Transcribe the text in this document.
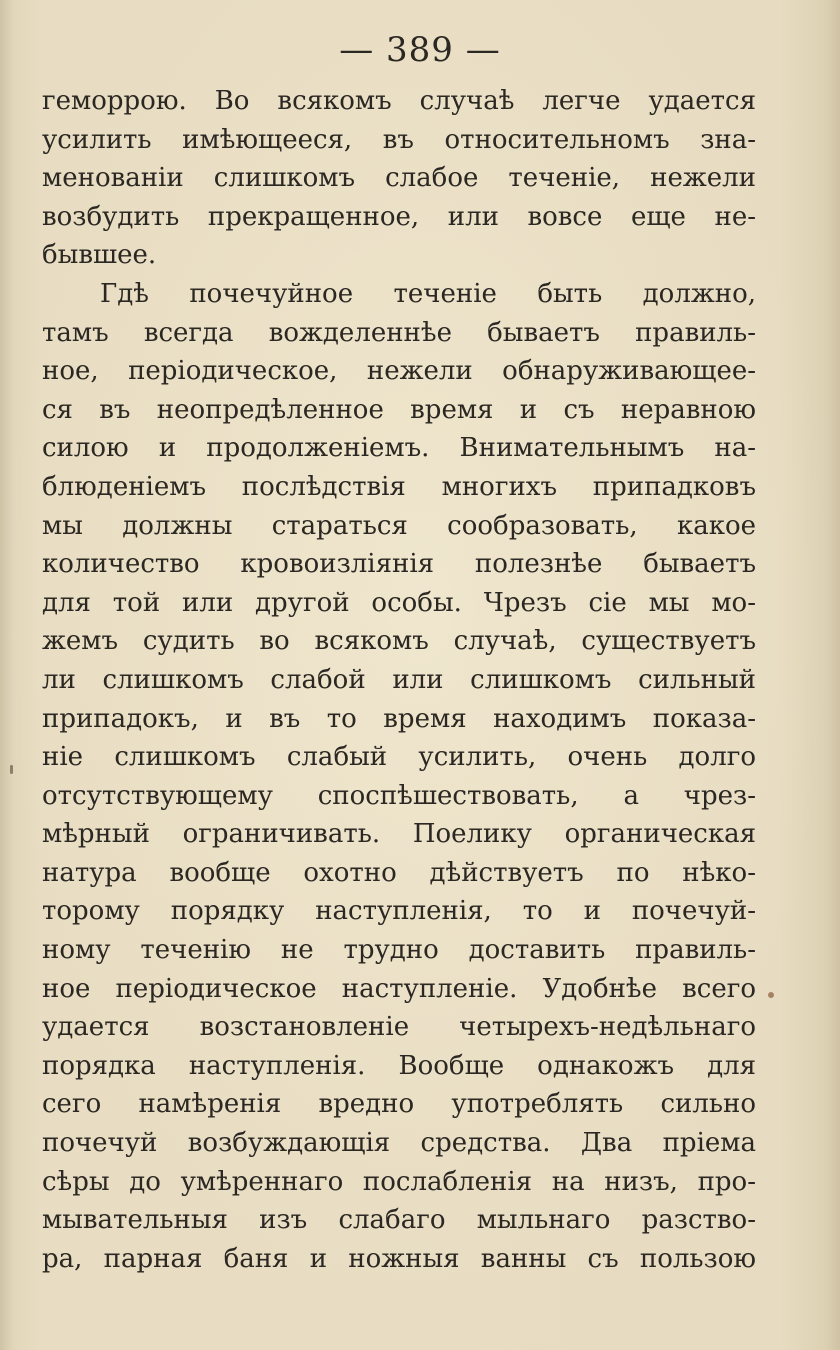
— 389 —
геморрою. Во всякомъ случаѣ легче удается
усилить имѣющееся, въ относительномъ зна-
менованіи слишкомъ слабое теченіе, нежели
возбудить прекращенное, или вовсе еще не-
бывшее.
Гдѣ почечуйное теченіе быть должно,
тамъ всегда вожделеннѣе бываетъ правиль-
ное, періодическое, нежели обнаруживающее-
ся въ неопредѣленное время и съ неравною
силою и продолженіемъ. Внимательнымъ на-
блюденіемъ послѣдствія многихъ припадковъ
мы должны стараться сообразовать, какое
количество кровоизліянія полезнѣе бываетъ
для той или другой особы. Чрезъ сіе мы мо-
жемъ судить во всякомъ случаѣ, существуетъ
ли слишкомъ слабой или слишкомъ сильный
припадокъ, и въ то время находимъ показа-
ніе слишкомъ слабый усилить, очень долго
отсутствующему споспѣшествовать, а чрез-
мѣрный ограничивать. Поелику органическая
натура вообще охотно дѣйствуетъ по нѣко-
торому порядку наступленія, то и почечуй-
ному теченію не трудно доставить правиль-
ное періодическое наступленіе. Удобнѣе всего
удается возстановленіе четырехъ-недѣльнаго
порядка наступленія. Вообще однакожъ для
сего намѣренія вредно употреблять сильно
почечуй возбуждающія средства. Два пріема
сѣры до умѣреннаго послабленія на низъ, про-
мывательныя изъ слабаго мыльнаго разство-
ра, парная баня и ножныя ванны съ пользою
